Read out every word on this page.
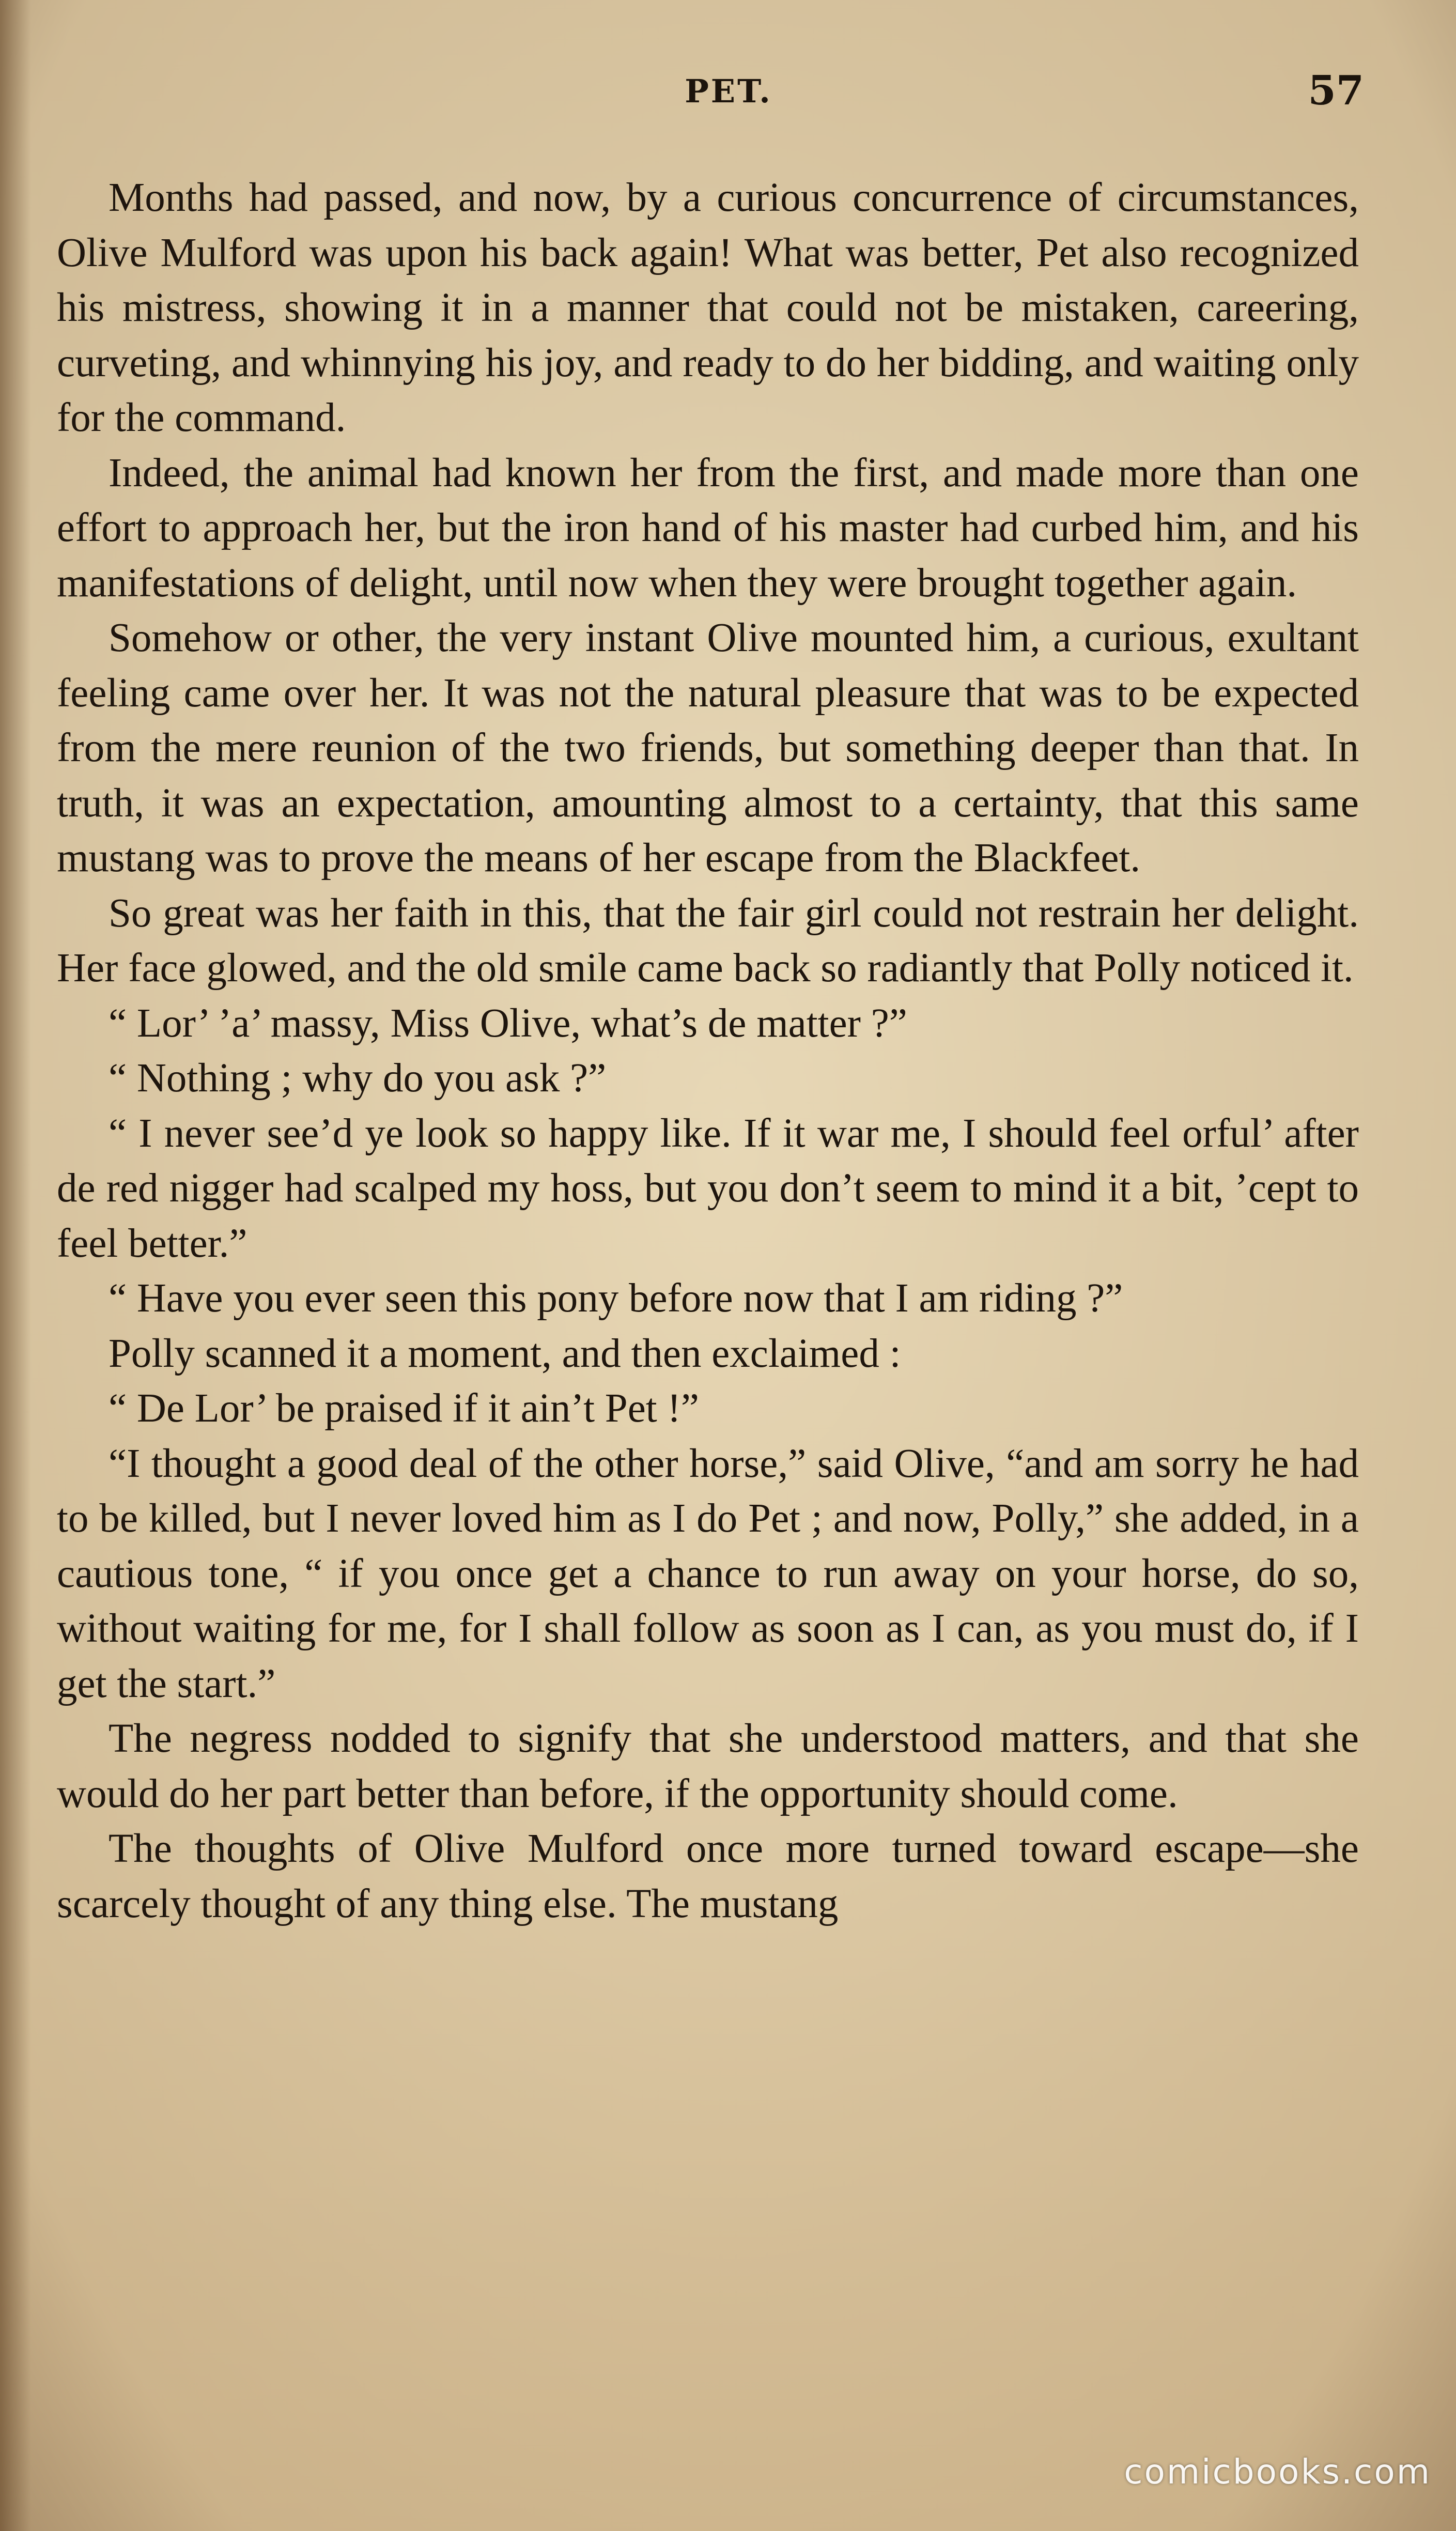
PET.	57

Months had passed, and now, by a curious concurrence of circumstances, Olive Mulford was upon his back again! What was better, Pet also recognized his mistress, showing it in a manner that could not be mistaken, careering, curveting, and whinnying his joy, and ready to do her bidding, and waiting only for the command.

Indeed, the animal had known her from the first, and made more than one effort to approach her, but the iron hand of his master had curbed him, and his manifestations of delight, until now when they were brought together again.

Somehow or other, the very instant Olive mounted him, a curious, exultant feeling came over her. It was not the natural pleasure that was to be expected from the mere reunion of the two friends, but something deeper than that. In truth, it was an expectation, amounting almost to a certainty, that this same mustang was to prove the means of her escape from the Blackfeet.

So great was her faith in this, that the fair girl could not restrain her delight. Her face glowed, and the old smile came back so radiantly that Polly noticed it.

“ Lor’ ’a’ massy, Miss Olive, what’s de matter ?”

“ Nothing ; why do you ask ?”

“ I never see’d ye look so happy like. If it war me, I should feel orful’ after de red nigger had scalped my hoss, but you don’t seem to mind it a bit, ’cept to feel better.”

“ Have you ever seen this pony before now that I am riding ?”

Polly scanned it a moment, and then exclaimed :

“ De Lor’ be praised if it ain’t Pet !”

“I thought a good deal of the other horse,” said Olive, “and am sorry he had to be killed, but I never loved him as I do Pet ; and now, Polly,” she added, in a cautious tone, “ if you once get a chance to run away on your horse, do so, without waiting for me, for I shall follow as soon as I can, as you must do, if I get the start.”

The negress nodded to signify that she understood matters, and that she would do her part better than before, if the opportunity should come.

The thoughts of Olive Mulford once more turned toward escape—she scarcely thought of any thing else. The mustang

comicbooks.com
